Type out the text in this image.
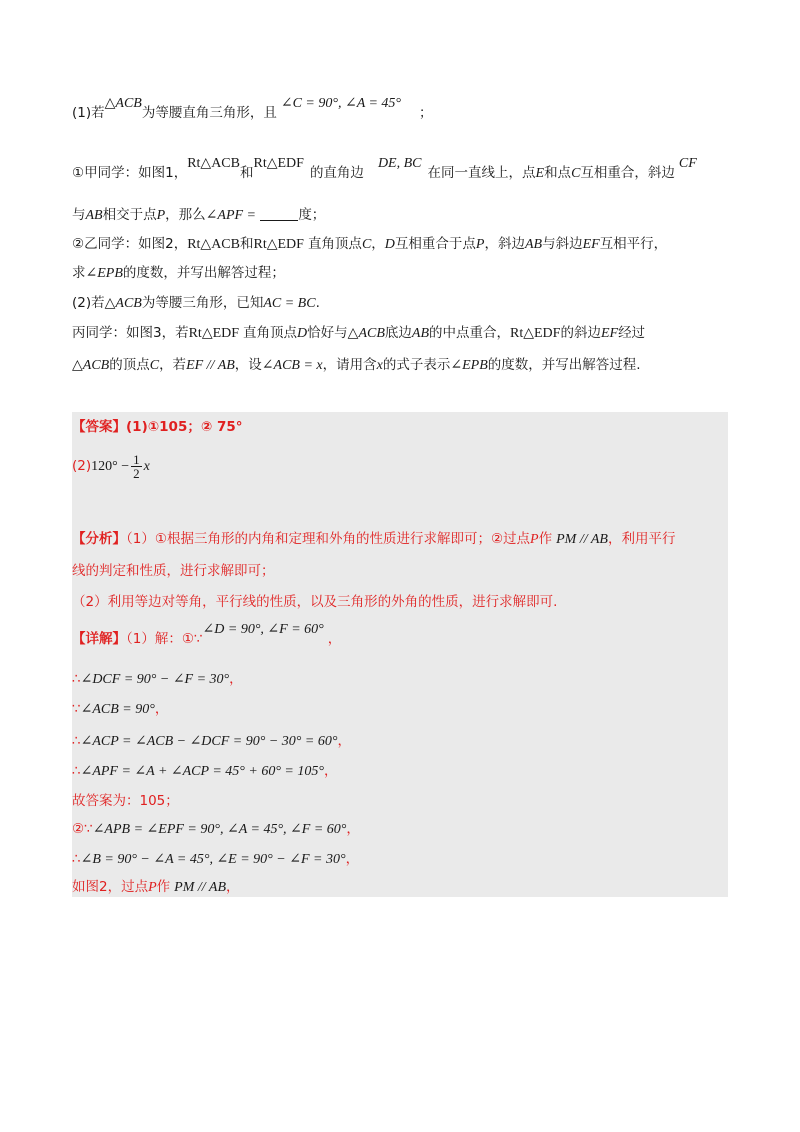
(1)若△ACB为等腰直角三角形，且∠C = 90°, ∠A = 45°；
①甲同学：如图1，Rt△ACB和Rt△EDF的直角边DE, BC在同一直线上，点E和点C互相重合，斜边CF
与AB相交于点P，那么∠APF =	度；
②乙同学：如图2，Rt△ACB和Rt△EDF 直角顶点C，D互相重合于点P，斜边AB与斜边EF互相平行，
求∠EPB的度数，并写出解答过程；
(2)若△ACB为等腰三角形，已知AC = BC.
丙同学：如图3，若Rt△EDF 直角顶点D恰好与△ACB底边AB的中点重合，Rt△EDF的斜边EF经过
△ACB的顶点C，若EF // AB，设∠ACB = x，请用含x的式子表示∠EPB的度数，并写出解答过程.
【答案】(1)①105；② 75°
$(2)120^\circ - \frac{1}{2}$ x
【分析】（1）①根据三角形的内角和定理和外角的性质进行求解即可；②过点P作 PM // AB，利用平行
线的判定和性质，进行求解即可；
（2）利用等边对等角，平行线的性质，以及三角形的外角的性质，进行求解即可.
【详解】（1）解：①∵∠D = 90°, ∠F = 60°，
∴∠DCF = 90° − ∠F = 30°，
∵∠ACB = 90°，
∴∠ACP = ∠ACB − ∠DCF = 90° − 30° = 60°，
∴∠APF = ∠A + ∠ACP = 45° + 60° = 105°，
故答案为：105；
②∵∠APB = ∠EPF = 90°, ∠A = 45°, ∠F = 60°，
∴∠B = 90° − ∠A = 45°, ∠E = 90° − ∠F = 30°，
如图2，过点P作 PM // AB，
